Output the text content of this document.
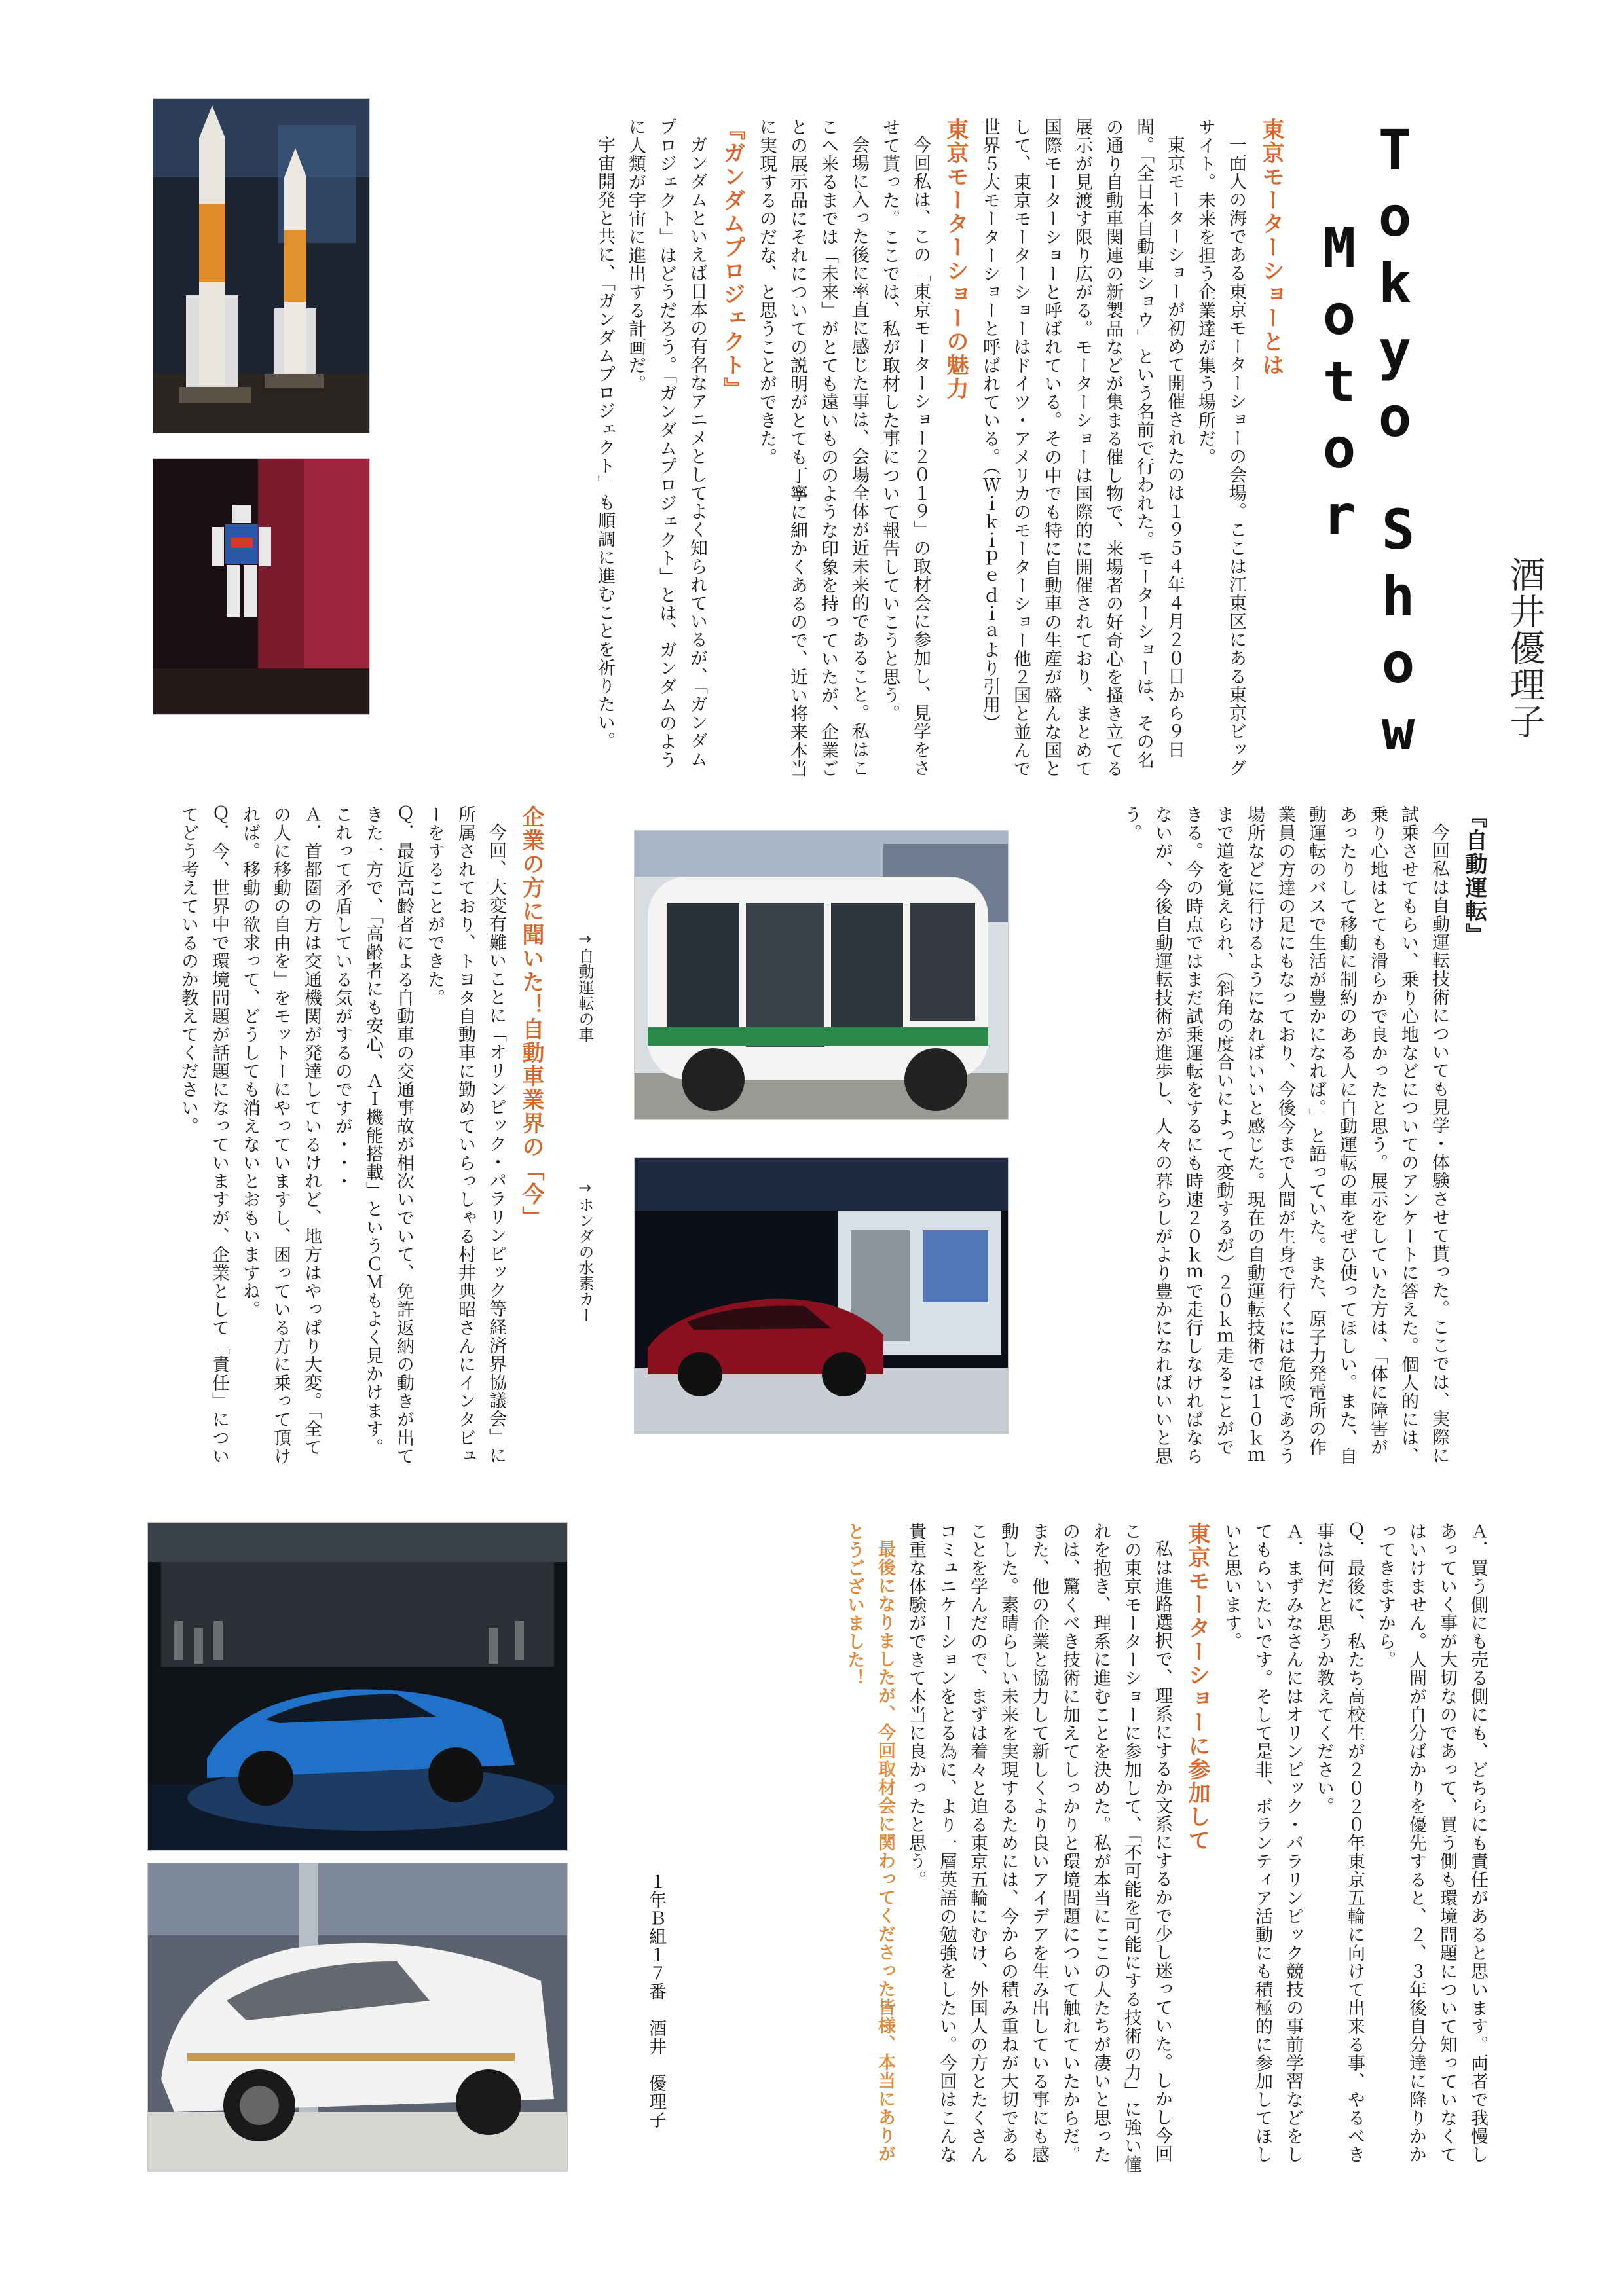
Tokyo
Motor
Show 酒井優理子
東京モーターショーとは

一面人の海である東京モーターショーの会場。ここは江東区にある東京ビッグサイト。未来を担う企業達が集う場所だ。

東京モーターショーが初めて開催されたのは１９５４年４月２０日から９日間。「全日本自動車ショウ」という名前で行われた。モーターショーは、その名の通り自動車関連の新製品などが集まる催し物で、来場者の好奇心を掻き立てる展示が見渡す限り広がる。モーターショーは国際的に開催されており、まとめて国際モーターショーと呼ばれている。その中でも特に自動車の生産が盛んな国として、東京モーターショーはドイツ・アメリカのモーターショー他２国と並んで世界５大モーターショーと呼ばれている。（Ｗｉｋｉｐｅｄｉａより引用）

東京モーターショーの魅力

今回私は、この「東京モーターショー２０１９」の取材会に参加し、見学をさせて貰った。ここでは、私が取材した事について報告していこうと思う。

会場に入った後に率直に感じた事は、会場全体が近未来的であること。私はここへ来るまでは「未来」がとても遠いもののような印象を持っていたが、企業ごとの展示品にそれについての説明がとても丁寧に細かくあるので、近い将来本当に実現するのだな、と思うことができた。

『ガンダムプロジェクト』

ガンダムといえば日本の有名なアニメとしてよく知られているが、「ガンダムプロジェクト」はどうだろう。「ガンダムプロジェクト」とは、ガンダムのように人類が宇宙に進出する計画だ。

宇宙開発と共に、「ガンダムプロジェクト」も順調に進むことを祈りたい。

『自動運転』

今回私は自動運転技術についても見学・体験させて貰った。ここでは、実際に試乗させてもらい、乗り心地などについてのアンケートに答えた。個人的には、乗り心地はとても滑らかで良かったと思う。展示をしていた方は、「体に障害があったりして移動に制約のある人に自動運転の車をぜひ使ってほしい。また、自動運転のバスで生活が豊かになれば。」と語っていた。また、原子力発電所の作業員の方達の足にもなっており、今後今まで人間が生身で行くには危険であろう場所などに行けるようになればいいと感じた。現在の自動運転技術では１０ｋｍまで道を覚えられ、（斜角の度合いによって変動するが）２０ｋｍ走ることができる。今の時点ではまだ試乗運転をするにも時速２０ｋｍで走行しなければならないが、今後自動運転技術が進歩し、人々の暮らしがより豊かになればいいと思う。

→自動運転の車
→ホンダの水素カー
企業の方に聞いた！自動車業界の「今」

今回、大変有難いことに「オリンピック・パラリンピック等経済界協議会」に所属されており、トヨタ自動車に勤めていらっしゃる村井典昭さんにインタビューをすることができた。

Ｑ．最近高齢者による自動車の交通事故が相次いでいて、免許返納の動きが出てきた一方で、「高齢者にも安心、ＡＩ機能搭載」というＣＭもよく見かけます。これって矛盾している気がするのですが・・・

Ａ．首都圏の方は交通機関が発達しているけれど、地方はやっぱり大変。「全ての人に移動の自由を」をモットーにやっていますし、困っている方に乗って頂ければ。移動の欲求って、どうしても消えないとおもいますね。

Ｑ．今、世界中で環境問題が話題になっていますが、企業として「責任」についてどう考えているのか教えてください。

Ａ．買う側にも売る側にも、どちらにも責任があると思います。両者で我慢しあっていく事が大切なのであって、買う側も環境問題について知っていなくてはいけません。人間が自分ばかりを優先すると、２、３年後自分達に降りかかってきますから。

Ｑ．最後に、私たち高校生が２０２０年東京五輪に向けて出来る事、やるべき事は何だと思うか教えてください。

Ａ．まずみなさんにはオリンピック・パラリンピック競技の事前学習などをしてもらいたいです。そして是非、ボランティア活動にも積極的に参加してほしいと思います。

東京モーターショーに参加して

私は進路選択で、理系にするか文系にするかで少し迷っていた。しかし今回この東京モーターショーに参加して、「不可能を可能にする技術の力」に強い憧れを抱き、理系に進むことを決めた。私が本当にここの人たちが凄いと思ったのは、驚くべき技術に加えてしっかりと環境問題について触れていたからだ。また、他の企業と協力して新しくより良いアイデアを生み出している事にも感動した。素晴らしい未来を実現するためには、今からの積み重ねが大切であることを学んだので、まずは着々と迫る東京五輪にむけ、外国人の方とたくさんコミュニケーションをとる為に、より一層英語の勉強をしたい。今回はこんな貴重な体験ができて本当に良かったと思う。

最後になりましたが、今回取材会に関わってくださった皆様、本当にありがとうございました！

１年Ｂ組１７番　酒井　優理子
